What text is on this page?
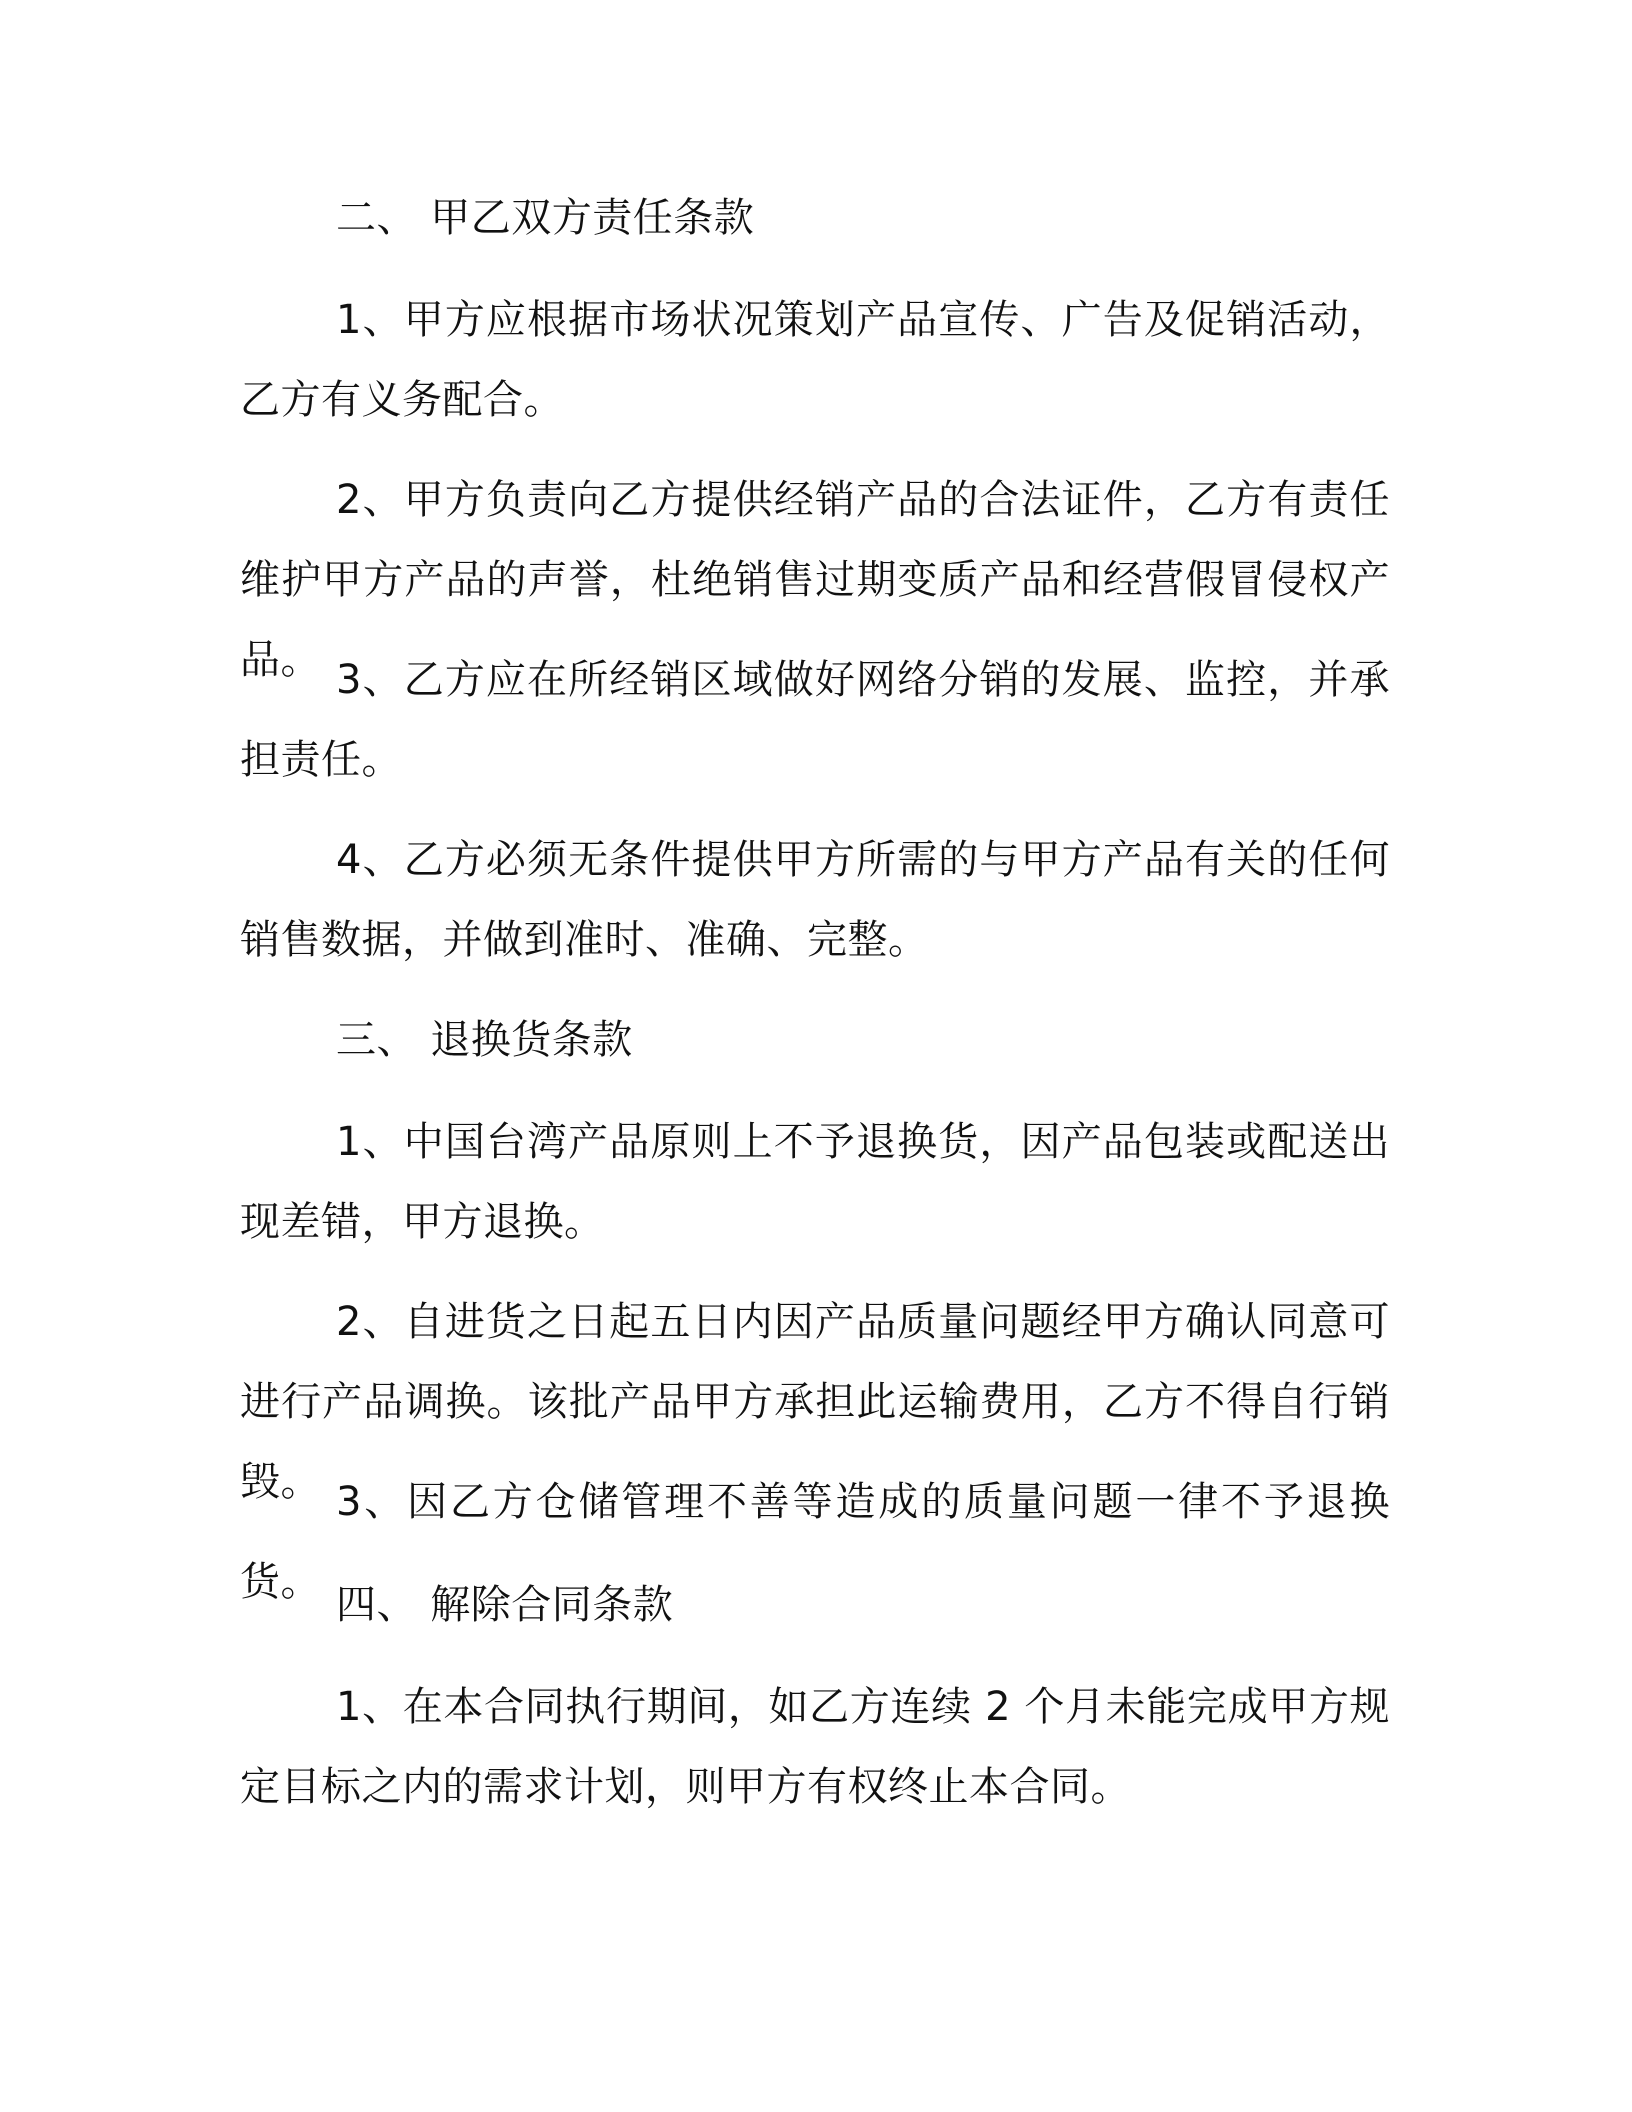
二、 甲乙双方责任条款

1、甲方应根据市场状况策划产品宣传、广告及促销活动，乙方有义务配合。

2、甲方负责向乙方提供经销产品的合法证件，乙方有责任维护甲方产品的声誉，杜绝销售过期变质产品和经营假冒侵权产品。 3、乙方应在所经销区域做好网络分销的发展、监控，并承担责任。

4、乙方必须无条件提供甲方所需的与甲方产品有关的任何销售数据，并做到准时、准确、完整。

三、 退换货条款

1、中国台湾产品原则上不予退换货，因产品包装或配送出现差错，甲方退换。

2、自进货之日起五日内因产品质量问题经甲方确认同意可进行产品调换。该批产品甲方承担此运输费用，乙方不得自行销毁。 3、因乙方仓储管理不善等造成的质量问题一律不予退换货。 四、 解除合同条款

1、在本合同执行期间，如乙方连续 2 个月未能完成甲方规定目标之内的需求计划，则甲方有权终止本合同。
